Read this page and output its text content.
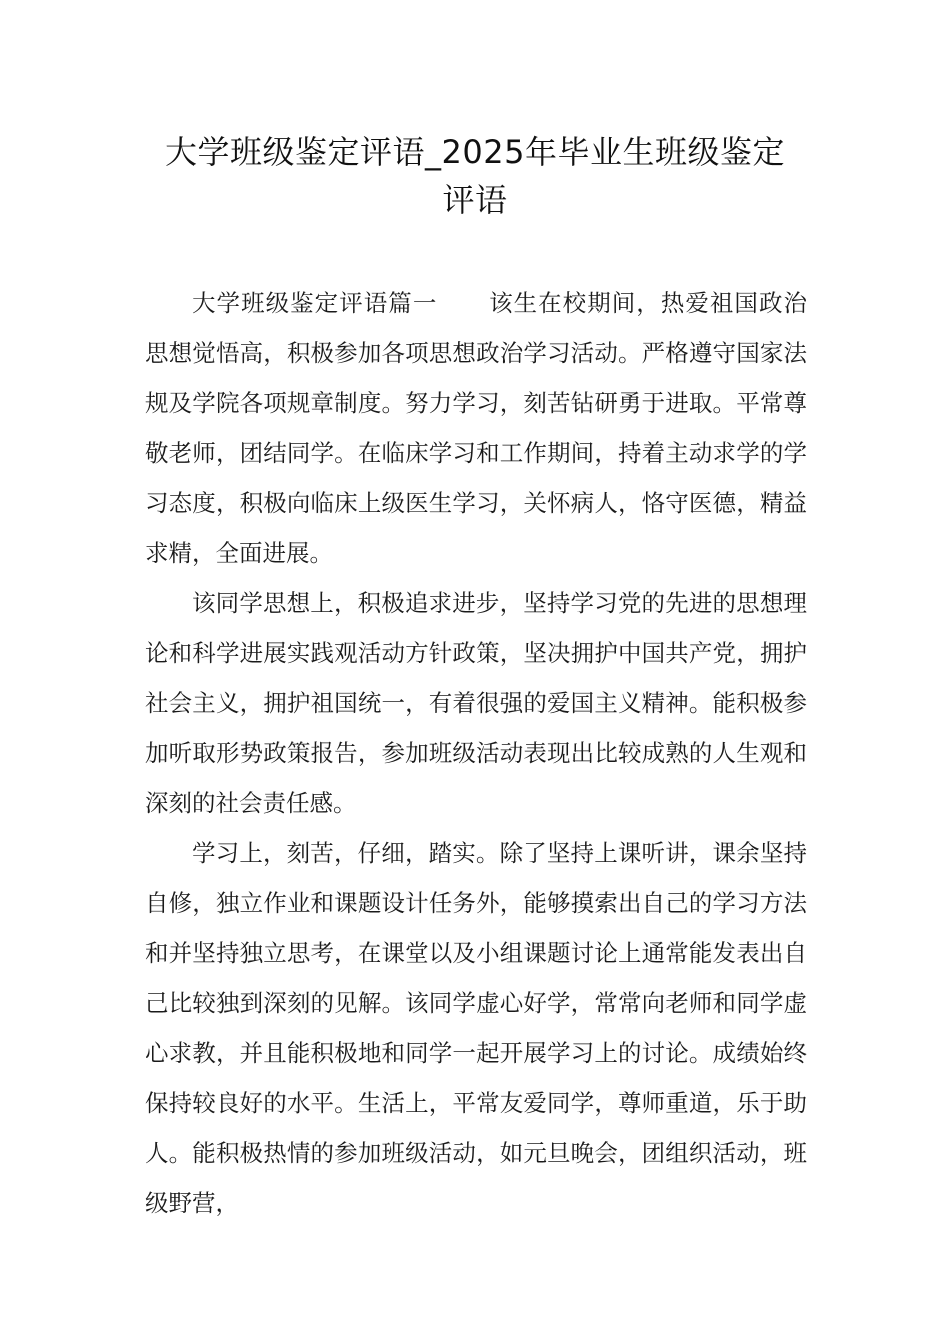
大学班级鉴定评语_2025年毕业生班级鉴定
评语

大学班级鉴定评语篇一 该生在校期间，热爱祖国政治思想觉悟高，积极参加各项思想政治学习活动。严格遵守国家法规及学院各项规章制度。努力学习，刻苦钻研勇于进取。平常尊敬老师，团结同学。在临床学习和工作期间，持着主动求学的学习态度，积极向临床上级医生学习，关怀病人，恪守医德，精益求精，全面进展。

该同学思想上，积极追求进步，坚持学习党的先进的思想理论和科学进展实践观活动方针政策，坚决拥护中国共产党，拥护社会主义，拥护祖国统一，有着很强的爱国主义精神。能积极参加听取形势政策报告，参加班级活动表现出比较成熟的人生观和深刻的社会责任感。

学习上，刻苦，仔细，踏实。除了坚持上课听讲，课余坚持自修，独立作业和课题设计任务外，能够摸索出自己的学习方法和并坚持独立思考，在课堂以及小组课题讨论上通常能发表出自己比较独到深刻的见解。该同学虚心好学，常常向老师和同学虚心求教，并且能积极地和同学一起开展学习上的讨论。成绩始终保持较良好的水平。生活上，平常友爱同学，尊师重道，乐于助人。能积极热情的参加班级活动，如元旦晚会，团组织活动，班级野营，
